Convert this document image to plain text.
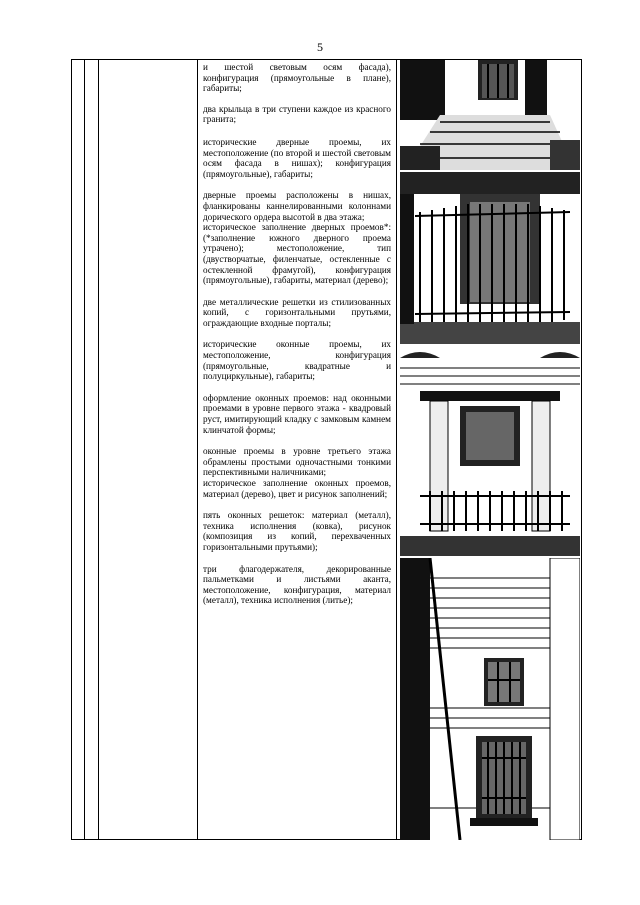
5

и шестой световым осям фасада), конфигурация (прямоугольные в плане), габариты;

два крыльца в три ступени каждое из красного гранита;

исторические дверные проемы, их местоположение (по второй и шестой световым осям фасада в нишах); конфигурация (прямоугольные), габариты;

дверные проемы расположены в нишах, фланкированы каннелированными колоннами дорического ордера высотой в два этажа;

историческое заполнение дверных проемов*: (*заполнение южного дверного проема утрачено); местоположение, тип (двустворчатые, филенчатые, остекленные с остекленной фрамугой), конфигурация (прямоугольные), габариты, материал (дерево);

две металлические решетки из стилизованных копий, с горизонтальными прутьями, ограждающие входные порталы;

исторические оконные проемы, их местоположение, конфигурация (прямоугольные, квадратные и полуциркульные), габариты;

оформление оконных проемов: над оконными проемами в уровне первого этажа - квадровый руст, имитирующий кладку с замковым камнем клинчатой формы;

оконные проемы в уровне третьего этажа обрамлены простыми одночастными тонкими перспективными наличниками;

историческое заполнение оконных проемов, материал (дерево), цвет и рисунок заполнений;

пять оконных решеток: материал (металл), техника исполнения (ковка), рисунок (композиция из копий, перехваченных горизонтальными прутьями);

три флагодержателя, декорированные пальметками и листьями аканта, местоположение, конфигурация, материал (металл), техника исполнения (литье);
